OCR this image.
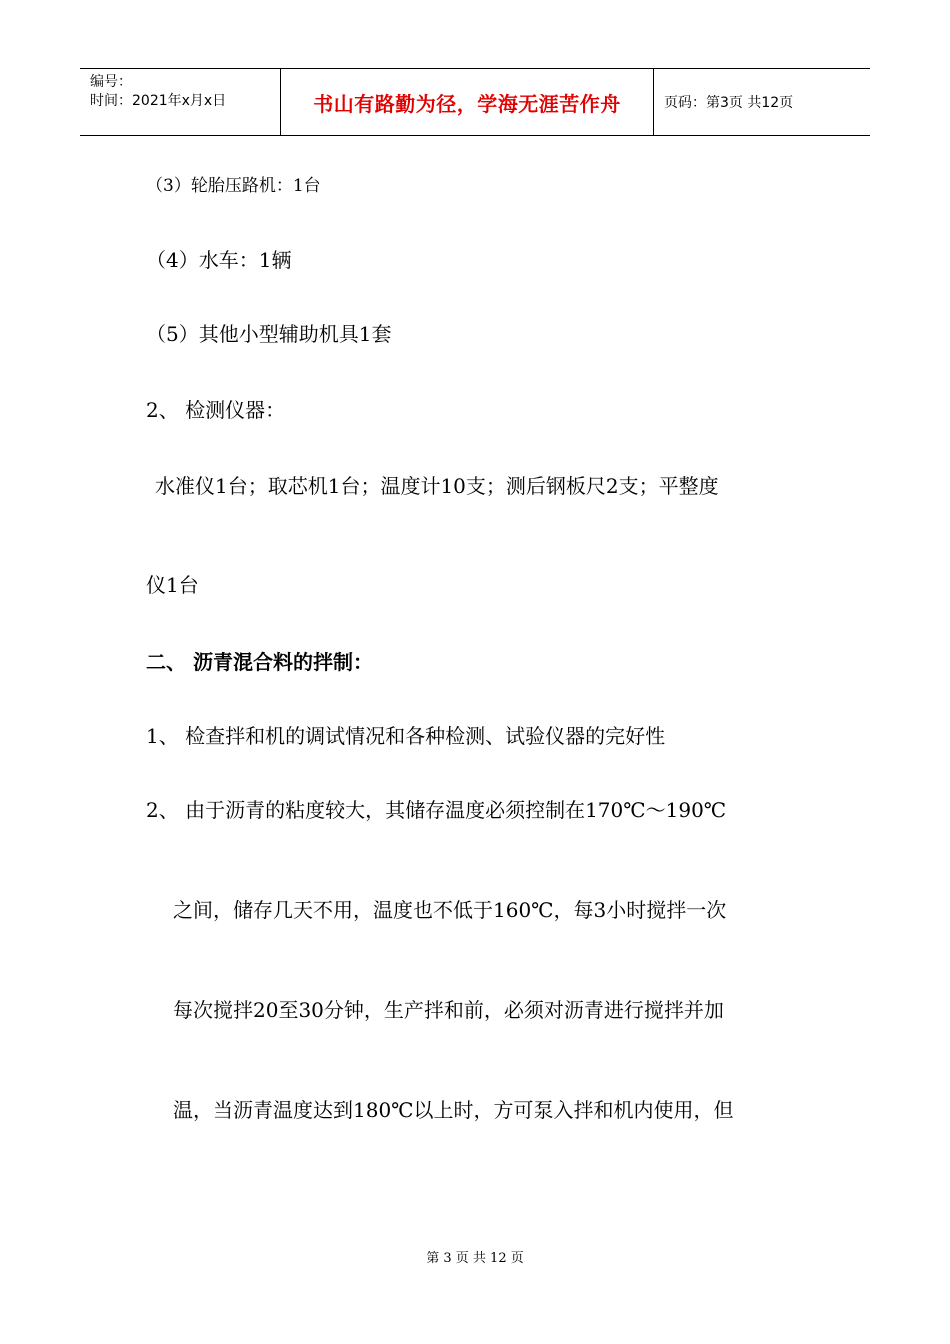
编号：
时间：2021年x月x日	书山有路勤为径，学海无涯苦作舟	页码：第3页 共12页
（3）轮胎压路机：1台
（4）水车：1辆
（5）其他小型辅助机具1套
2、 检测仪器：
水准仪1台；取芯机1台；温度计10支；测后钢板尺2支；平整度
仪1台
二、 沥青混合料的拌制：
1、 检查拌和机的调试情况和各种检测、试验仪器的完好性
2、 由于沥青的粘度较大，其储存温度必须控制在170℃～190℃
之间，储存几天不用，温度也不低于160℃，每3小时搅拌一次
每次搅拌20至30分钟，生产拌和前，必须对沥青进行搅拌并加
温，当沥青温度达到180℃以上时，方可泵入拌和机内使用，但
第 3 页 共 12 页
